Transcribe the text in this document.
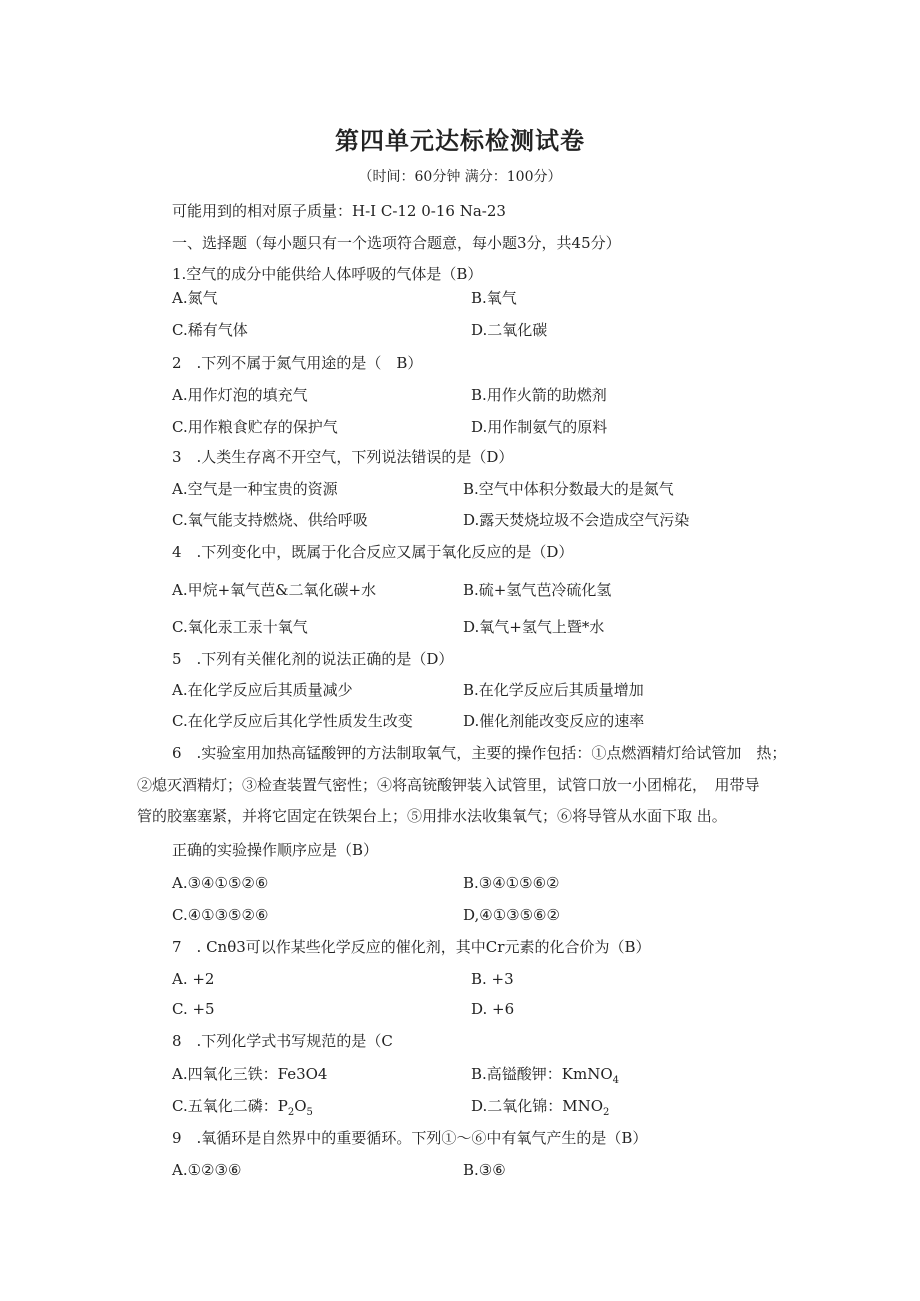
第四单元达标检测试卷
（时间：60分钟 满分：100分）
可能用到的相对原子质量：H-I C-12 0-16 Na-23
一、选择题（每小题只有一个选项符合题意，每小题3分，共45分）
1.空气的成分中能供给人体呼吸的气体是（B）
A.氮气	B.氧气
C.稀有气体	D.二氧化碳
2　.下列不属于氮气用途的是（　B）
A.用作灯泡的填充气	B.用作火箭的助燃剂
C.用作粮食贮存的保护气	D.用作制氨气的原料
3　.人类生存离不开空气，下列说法错误的是（D）
A.空气是一种宝贵的资源	B.空气中体积分数最大的是氮气
C.氧气能支持燃烧、供给呼吸	D.露天焚烧垃圾不会造成空气污染
4　.下列变化中，既属于化合反应又属于氧化反应的是（D）
A.甲烷+氧气芭&二氧化碳+水	B.硫+氢气芭冷硫化氢
C.氧化汞工汞十氧气	D.氧气+氢气上暨*水
5　.下列有关催化剂的说法正确的是（D）
A.在化学反应后其质量减少	B.在化学反应后其质量增加
C.在化学反应后其化学性质发生改变	D.催化剂能改变反应的速率
6　.实验室用加热高锰酸钾的方法制取氧气，主要的操作包括：①点燃酒精灯给试管加　热；
②熄灭酒精灯；③检查装置气密性；④将高铳酸钾装入试管里，试管口放一小团棉花，　用带导
管的胶塞塞紧，并将它固定在铁架台上；⑤用排水法收集氧气；⑥将导管从水面下取 出。
正确的实验操作顺序应是（B）
A.③④①⑤②⑥	B.③④①⑤⑥②
C.④①③⑤②⑥	D,④①③⑤⑥②
7　. Cnθ3可以作某些化学反应的催化剂，其中Cr元素的化合价为（B）
A. +2	B. +3
C. +5	D. +6
8　.下列化学式书写规范的是（C
A.四氧化三铁：Fe3O4	B.高镒酸钾：KmNO$_4$
C.五氧化二磷：$P_2O_5$	D.二氧化锦：$MNO_2$
9　.氧循环是自然界中的重要循环。下列①～⑥中有氧气产生的是（B）
A.①②③⑥	B.③⑥
